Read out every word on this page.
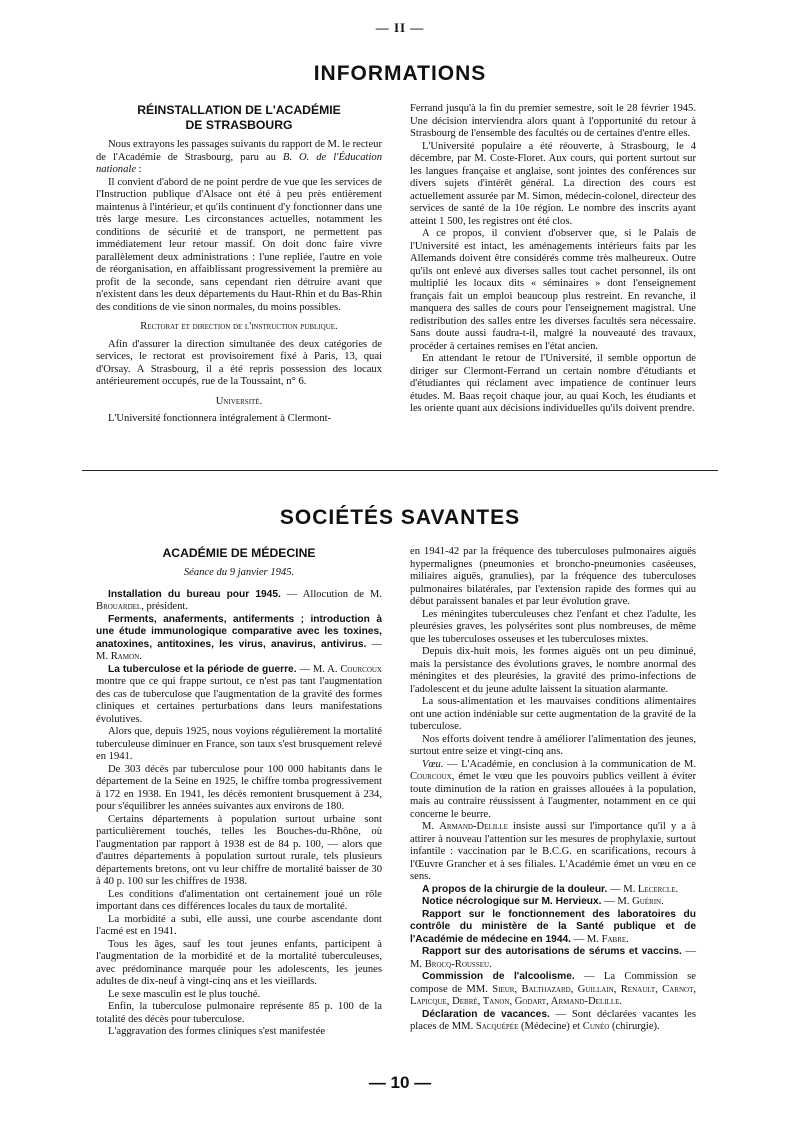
— II —
INFORMATIONS
RÉINSTALLATION DE L'ACADÉMIE
DE STRASBOURG

Nous extrayons les passages suivants du rapport de M. le recteur de l'Académie de Strasbourg, paru au B. O. de l'Éducation nationale :

Il convient d'abord de ne point perdre de vue que les services de l'Instruction publique d'Alsace ont été à peu près entièrement maintenus à l'intérieur, et qu'ils continuent d'y fonctionner dans une très large mesure. Les circonstances actuelles, notamment les conditions de sécurité et de transport, ne permettent pas immédiatement leur retour massif. On doit donc faire vivre parallèlement deux administrations : l'une repliée, l'autre en voie de réorganisation, en affaiblissant progressivement la première au profit de la seconde, sans cependant rien détruire avant que n'existent dans les deux départements du Haut-Rhin et du Bas-Rhin des conditions de vie sinon normales, du moins possibles.

Rectorat et direction de l'instruction publique.

Afin d'assurer la direction simultanée des deux catégories de services, le rectorat est provisoirement fixé à Paris, 13, quai d'Orsay. A Strasbourg, il a été repris possession des locaux antérieurement occupés, rue de la Toussaint, n° 6.

Université.

L'Université fonctionnera intégralement à Clermont-

Ferrand jusqu'à la fin du premier semestre, soit le 28 février 1945. Une décision interviendra alors quant à l'opportunité du retour à Strasbourg de l'ensemble des facultés ou de certaines d'entre elles.

L'Université populaire a été réouverte, à Strasbourg, le 4 décembre, par M. Coste-Floret. Aux cours, qui portent surtout sur les langues française et anglaise, sont jointes des conférences sur divers sujets d'intérêt général. La direction des cours est actuellement assurée par M. Simon, médecin-colonel, directeur des services de santé de la 10e région. Le nombre des inscrits ayant atteint 1 500, les registres ont été clos.

A ce propos, il convient d'observer que, si le Palais de l'Université est intact, les aménagements intérieurs faits par les Allemands doivent être considérés comme très malheureux. Outre qu'ils ont enlevé aux diverses salles tout cachet personnel, ils ont multiplié les locaux dits « séminaires » dont l'enseignement français fait un emploi beaucoup plus restreint. En revanche, il manquera des salles de cours pour l'enseignement magistral. Une redistribution des salles entre les diverses facultés sera nécessaire. Sans doute aussi faudra-t-il, malgré la nouveauté des travaux, procéder à certaines remises en l'état ancien.

En attendant le retour de l'Université, il semble opportun de diriger sur Clermont-Ferrand un certain nombre d'étudiants et d'étudiantes qui réclament avec impatience de continuer leurs études. M. Baas reçoit chaque jour, au quai Koch, les étudiants et les oriente quant aux décisions individuelles qu'ils doivent prendre.

SOCIÉTÉS SAVANTES
ACADÉMIE DE MÉDECINE
Séance du 9 janvier 1945.

Installation du bureau pour 1945. — Allocution de M. Brouardel, président.

Ferments, anaferments, antiferments ; introduction à une étude immunologique comparative avec les toxines, anatoxines, antitoxines, les virus, anavirus, antivirus. — M. Ramon.

La tuberculose et la période de guerre. — M. A. Courcoux montre que ce qui frappe surtout, ce n'est pas tant l'augmentation des cas de tuberculose que l'augmentation de la gravité des formes cliniques et certaines perturbations dans leurs manifestations évolutives.

Alors que, depuis 1925, nous voyions régulièrement la mortalité tuberculeuse diminuer en France, son taux s'est brusquement relevé en 1941.

De 303 décès par tuberculose pour 100 000 habitants dans le département de la Seine en 1925, le chiffre tomba progressivement à 172 en 1938. En 1941, les décès remontent brusquement à 234, pour s'équilibrer les années suivantes aux environs de 180.

Certains départements à population surtout urbaine sont particulièrement touchés, telles les Bouches-du-Rhône, où l'augmentation par rapport à 1938 est de 84 p. 100, — alors que d'autres départements à population surtout rurale, tels plusieurs départements bretons, ont vu leur chiffre de mortalité baisser de 30 à 40 p. 100 sur les chiffres de 1938.

Les conditions d'alimentation ont certainement joué un rôle important dans ces différences locales du taux de mortalité.

La morbidité a subi, elle aussi, une courbe ascendante dont l'acmé est en 1941.

Tous les âges, sauf les tout jeunes enfants, participent à l'augmentation de la morbidité et de la mortalité tuberculeuses, avec prédominance marquée pour les adolescents, les jeunes adultes de dix-neuf à vingt-cinq ans et les vieillards.

Le sexe masculin est le plus touché.

Enfin, la tuberculose pulmonaire représente 85 p. 100 de la totalité des décès pour tuberculose.

L'aggravation des formes cliniques s'est manifestée

en 1941-42 par la fréquence des tuberculoses pulmonaires aiguës hypermalignes (pneumonies et broncho-pneumonies caséeuses, miliaires aiguës, granulies), par la fréquence des tuberculoses pulmonaires bilatérales, par l'extension rapide des formes qui au début paraissent banales et par leur évolution grave.

Les méningites tuberculeuses chez l'enfant et chez l'adulte, les pleurésies graves, les polysérites sont plus nombreuses, de même que les tuberculoses osseuses et les tuberculoses mixtes.

Depuis dix-huit mois, les formes aiguës ont un peu diminué, mais la persistance des évolutions graves, le nombre anormal des méningites et des pleurésies, la gravité des primo-infections de l'adolescent et du jeune adulte laissent la situation alarmante.

La sous-alimentation et les mauvaises conditions alimentaires ont une action indéniable sur cette augmentation de la gravité de la tuberculose.

Nos efforts doivent tendre à améliorer l'alimentation des jeunes, surtout entre seize et vingt-cinq ans.

Vœu. — L'Académie, en conclusion à la communication de M. Courcoux, émet le vœu que les pouvoirs publics veillent à éviter toute diminution de la ration en graisses allouées à la population, mais au contraire réussissent à l'augmenter, notamment en ce qui concerne le beurre.

M. Armand-Delille insiste aussi sur l'importance qu'il y a à attirer à nouveau l'attention sur les mesures de prophylaxie, surtout infantile : vaccination par le B.C.G. en scarifications, recours à l'Œuvre Grancher et à ses filiales. L'Académie émet un vœu en ce sens.

A propos de la chirurgie de la douleur. — M. Lecercle.

Notice nécrologique sur M. Hervieux. — M. Guérin.

Rapport sur le fonctionnement des laboratoires du contrôle du ministère de la Santé publique et de l'Académie de médecine en 1944. — M. Fabre.

Rapport sur des autorisations de sérums et vaccins. — M. Brocq-Rousseu.

Commission de l'alcoolisme. — La Commission se compose de MM. Sieur, Balthazard, Guillain, Renault, Carnot, Lapicque, Debré, Tanon, Godart, Armand-Delille.

Déclaration de vacances. — Sont déclarées vacantes les places de MM. Sacquépée (Médecine) et Cunéo (chirurgie).

— 10 —
